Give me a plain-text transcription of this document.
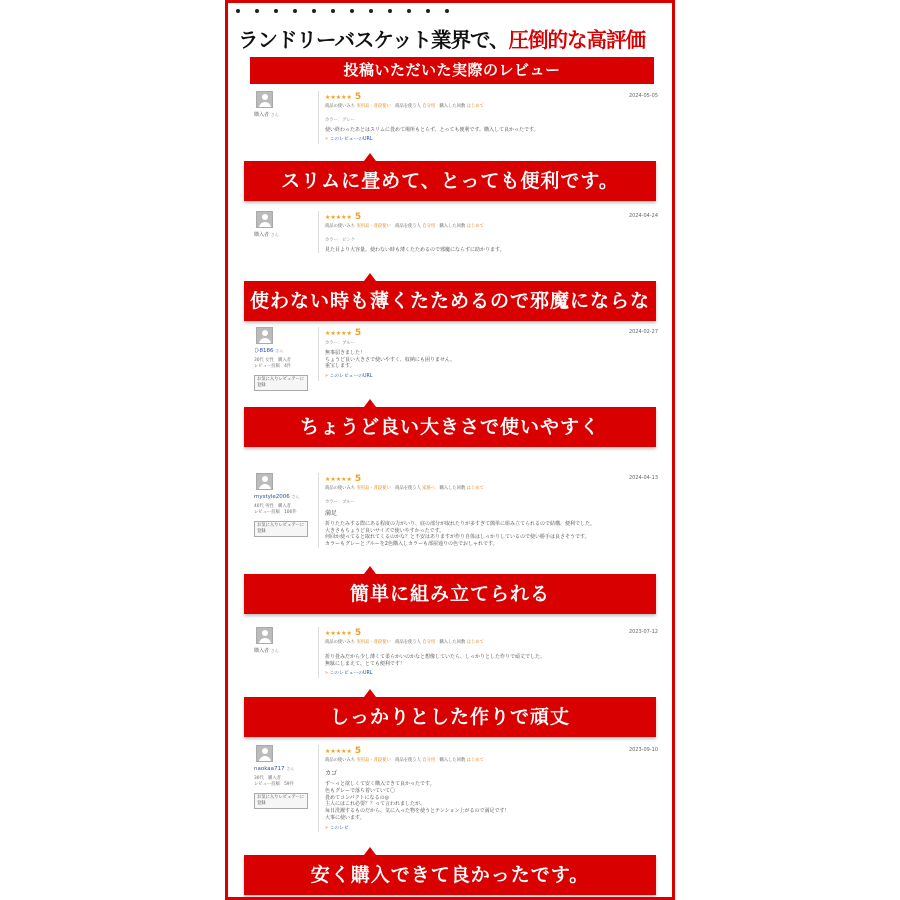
ランドリーバスケット業界で、圧倒的な高評価
投稿いただいた実際のレビュー
購入者 さん
★★★★★ 5	2024-05-05
商品の使いみち 実用品・普段使い　 商品を使う人 自分用　 購入した回数 はじめて
カラー：グレー
使い終わったあとはスリムに畳めて場所もとらず、とっても便利です。購入して良かったです。
» このレビューのURL
スリムに畳めて、とっても便利です。
購入者 さん
★★★★★ 5	2024-04-24
商品の使いみち 実用品・普段使い　 商品を使う人 自分用　 購入した回数 はじめて
カラー：ピンク
見た目より大容量。使わない時も薄くたためるので邪魔にならずに助かります。
使わない時も薄くたためるので邪魔にならな
ひ8186 さん
30代 女性　購入者
レビュー投稿　4件
お気に入りレビュアーに登録
★★★★★ 5	2024-02-27
カラー：ブルー
無事届きました！
ちょうど良い大きさで使いやすく、収納にも困りません。
重宝します。
» このレビューのURL
ちょうど良い大きさで使いやすく
mystyle2006 さん
40代 男性　購入者
レビュー投稿　106件
お気に入りレビュアーに登録
★★★★★ 5	2024-04-13
商品の使いみち 実用品・普段使い　 商品を使う人 家族へ　 購入した回数 はじめて
カラー：ブルー
満足
折りたたみする際にある程度の力がいり、底の部分が取れたりが多すぎて簡単に組み立てられるので結構、便利でした。
大きさもちょうど良いサイズで使いやすかったです。
何回か使ってると取れてくるのかな？と不安はありますが作り自体はしっかりしているので使い勝手は良さそうです。
カラーもグレーとブルーを2色購入しカラーも部屋通りの色でおしゃれです。
簡単に組み立てられる
購入者 さん
★★★★★ 5	2023-07-12
商品の使いみち 実用品・普段使い　 商品を使う人 自分用　 購入した回数 はじめて
折り畳みだから少し薄くて柔らかいのかなと想像していたら、しっかりとした作りで頑丈でした。
無駄にしまえて、とても便利です！
» このレビューのURL
しっかりとした作りで頑丈
naokaa717 さん
30代　購入者
レビュー投稿　59件
お気に入りレビュアーに登録
★★★★★ 5	2023-09-10
商品の使いみち 実用品・普段使い　 商品を使う人 自分用　 購入した回数 はじめて
カゴ
ず～っと欲しくて安く購入できて良かったです。
色もグレーで落ち着いていて〇
畳めてコンパクトになるの◎
主人にはこれ必要？？って言われましたが、
毎日洗濯するものだから、気に入った物を使うとテンション上がるので満足です！
大事に使います。
» このレビ
安く購入できて良かったです。
